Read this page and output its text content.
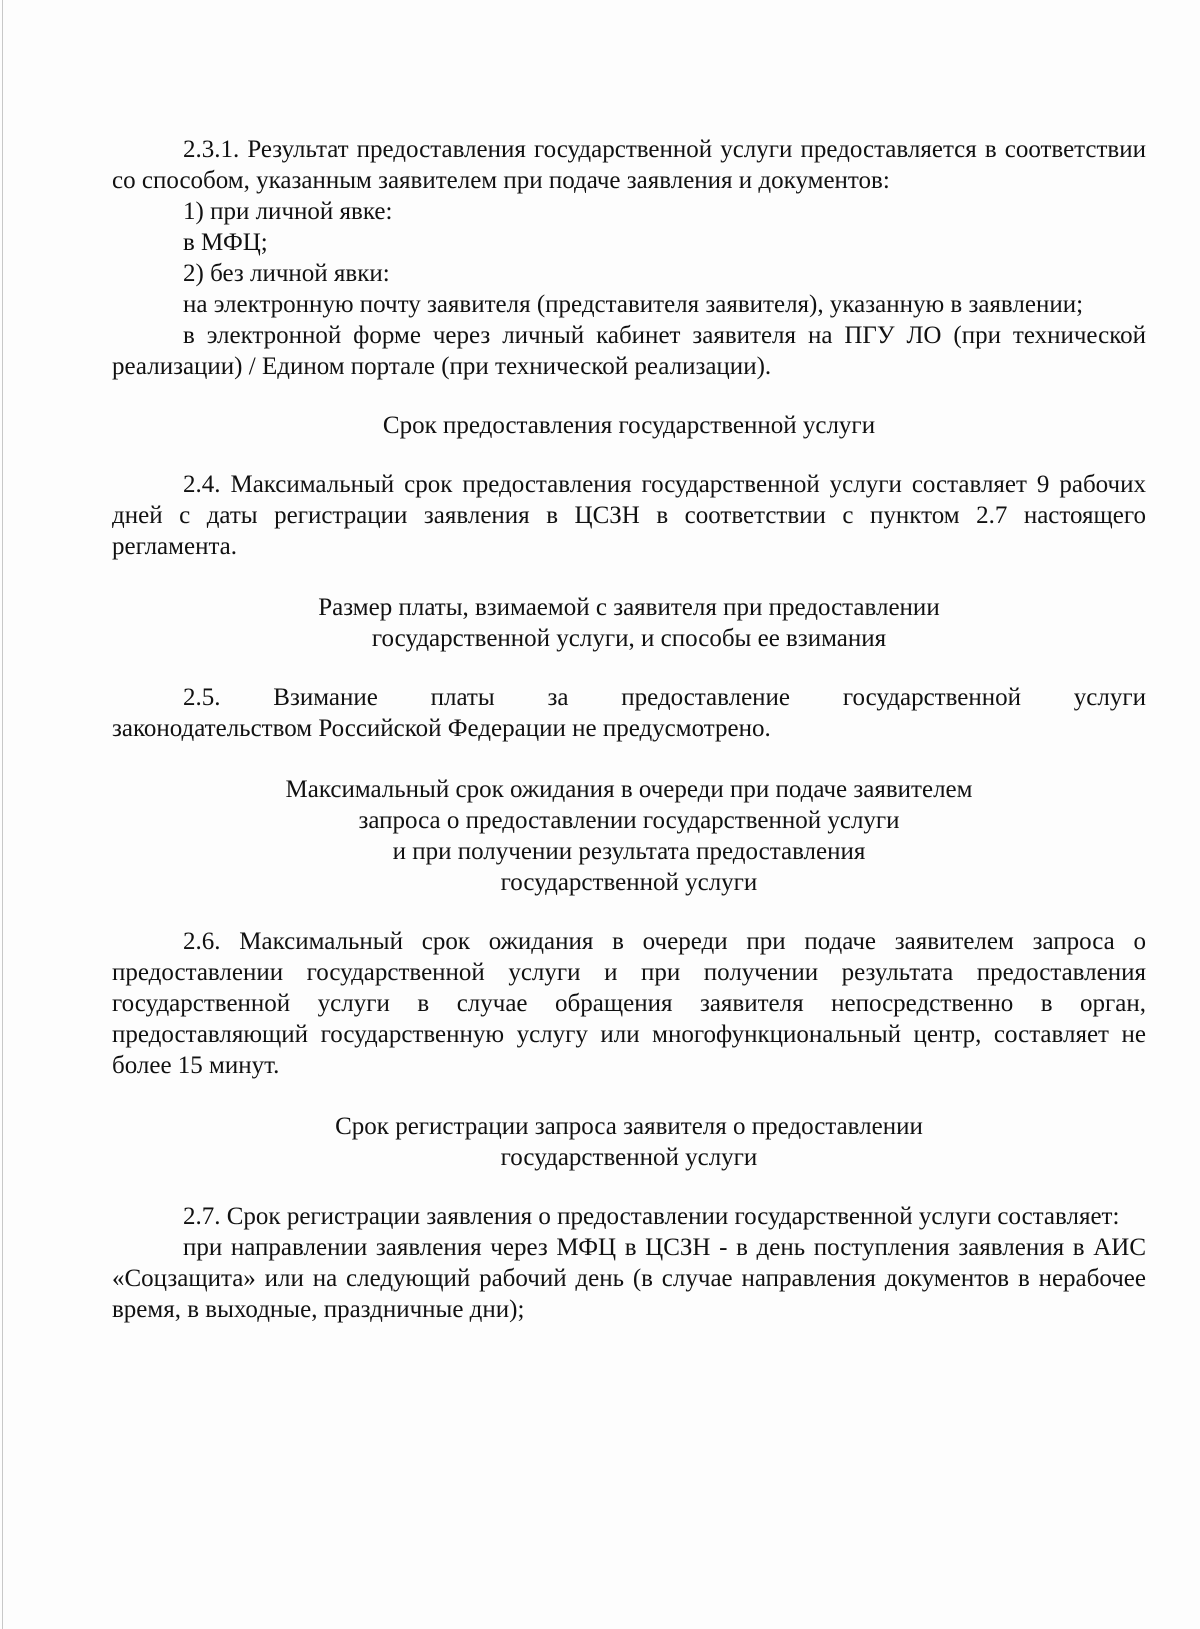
2.3.1. Результат предоставления государственной услуги предоставляется в соответствии со способом, указанным заявителем при подаче заявления и документов:

1) при личной явке:

в МФЦ;

2) без личной явки:

на электронную почту заявителя (представителя заявителя), указанную в заявлении;

в электронной форме через личный кабинет заявителя на ПГУ ЛО (при технической реализации) / Едином портале (при технической реализации).

Срок предоставления государственной услуги

2.4. Максимальный срок предоставления государственной услуги составляет 9 рабочих дней с даты регистрации заявления в ЦСЗН в соответствии с пунктом 2.7 настоящего регламента.

Размер платы, взимаемой с заявителя при предоставлении

государственной услуги, и способы ее взимания

2.5. Взимание платы за предоставление государственной услуги

законодательством Российской Федерации не предусмотрено.

Максимальный срок ожидания в очереди при подаче заявителем

запроса о предоставлении государственной услуги

и при получении результата предоставления

государственной услуги

2.6. Максимальный срок ожидания в очереди при подаче заявителем запроса о предоставлении государственной услуги и при получении результата предоставления государственной услуги в случае обращения заявителя непосредственно в орган, предоставляющий государственную услугу или многофункциональный центр, составляет не более 15 минут.

Срок регистрации запроса заявителя о предоставлении

государственной услуги

2.7. Срок регистрации заявления о предоставлении государственной услуги составляет:

при направлении заявления через МФЦ в ЦСЗН - в день поступления заявления в АИС «Соцзащита» или на следующий рабочий день (в случае направления документов в нерабочее время, в выходные, праздничные дни);
